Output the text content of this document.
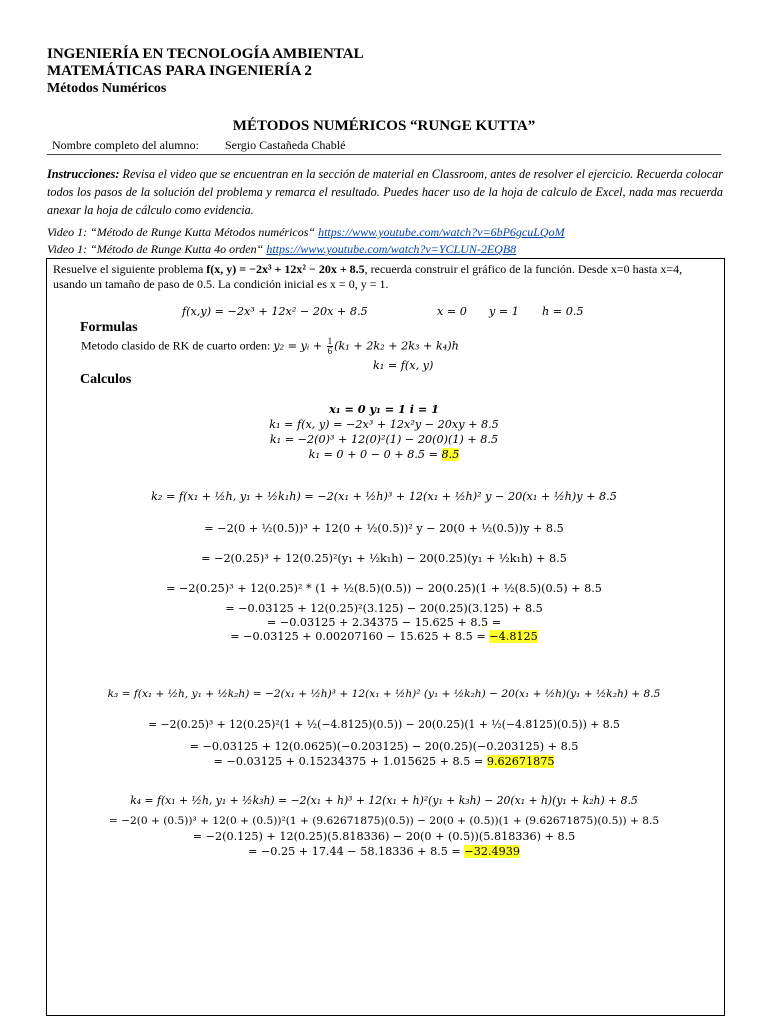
INGENIERÍA EN TECNOLOGÍA AMBIENTAL
MATEMÁTICAS PARA INGENIERÍA 2
Métodos Numéricos
MÉTODOS NUMÉRICOS “RUNGE KUTTA”
Nombre completo del alumno: Sergio Castañeda Chablé
Instrucciones: Revisa el video que se encuentran en la sección de material en Classroom, antes de resolver el ejercicio. Recuerda colocar todos los pasos de la solución del problema y remarca el resultado. Puedes hacer uso de la hoja de calculo de Excel, nada mas recuerda anexar la hoja de cálculo como evidencia.
Video 1: “Método de Runge Kutta Métodos numéricos“ https://www.youtube.com/watch?v=6bP6gcuLQoM
Video 1: “Método de Runge Kutta 4o orden“ https://www.youtube.com/watch?v=YCLUN-2EQB8
Resuelve el siguiente problema f(x, y) = −2x³ + 12x² − 20x + 8.5, recuerda construir el gráfico de la función. Desde x=0 hasta x=4, usando un tamaño de paso de 0.5. La condición inicial es x = 0, y = 1.
f(x,y) = −2x³ + 12x² − 20x + 8.5	x = 0 y = 1 h = 0.5
Formulas
Metodo clasido de RK de cuarto orden: y₂ = yᵢ + $\frac{1}{6} (k_1 + 2k_2 + 2k_3 + k_4)h$
k₁ = f(x, y)
Calculos
x₁ = 0 y₁ = 1 i = 1
k₁ = f(x, y) = −2x³ + 12x²y − 20xy + 8.5
k₁ = −2(0)³ + 12(0)²(1) − 20(0)(1) + 8.5
k₁ = 0 + 0 − 0 + 8.5 = 8.5
k₂ = f(x₁ + ½h, y₁ + ½k₁h) = −2(x₁ + ½h)³ + 12(x₁ + ½h)² y − 20(x₁ + ½h)y + 8.5
= −2(0 + ½(0.5))³ + 12(0 + ½(0.5))² y − 20(0 + ½(0.5))y + 8.5
= −2(0.25)³ + 12(0.25)²(y₁ + ½k₁h) − 20(0.25)(y₁ + ½k₁h) + 8.5
= −2(0.25)³ + 12(0.25)² * (1 + ½(8.5)(0.5)) − 20(0.25)(1 + ½(8.5)(0.5) + 8.5
= −0.03125 + 12(0.25)²(3.125) − 20(0.25)(3.125) + 8.5
= −0.03125 + 2.34375 − 15.625 + 8.5 =
= −0.03125 + 0.00207160 − 15.625 + 8.5 = −4.8125
k₃ = f(x₁ + ½h, y₁ + ½k₂h) = −2(x₁ + ½h)³ + 12(x₁ + ½h)² (y₁ + ½k₂h) − 20(x₁ + ½h)(y₁ + ½k₂h) + 8.5
= −2(0.25)³ + 12(0.25)²(1 + ½(−4.8125)(0.5)) − 20(0.25)(1 + ½(−4.8125)(0.5)) + 8.5
= −0.03125 + 12(0.0625)(−0.203125) − 20(0.25)(−0.203125) + 8.5
= −0.03125 + 0.15234375 + 1.015625 + 8.5 = 9.62671875
k₄ = f(x₁ + ½h, y₁ + ½k₃h) = −2(x₁ + h)³ + 12(x₁ + h)²(y₁ + k₃h) − 20(x₁ + h)(y₁ + k₂h) + 8.5
= −2(0 + (0.5))³ + 12(0 + (0.5))²(1 + (9.62671875)(0.5)) − 20(0 + (0.5))(1 + (9.62671875)(0.5)) + 8.5
= −2(0.125) + 12(0.25)(5.818336) − 20(0 + (0.5))(5.818336) + 8.5
= −0.25 + 17.44 − 58.18336 + 8.5 = −32.4939
